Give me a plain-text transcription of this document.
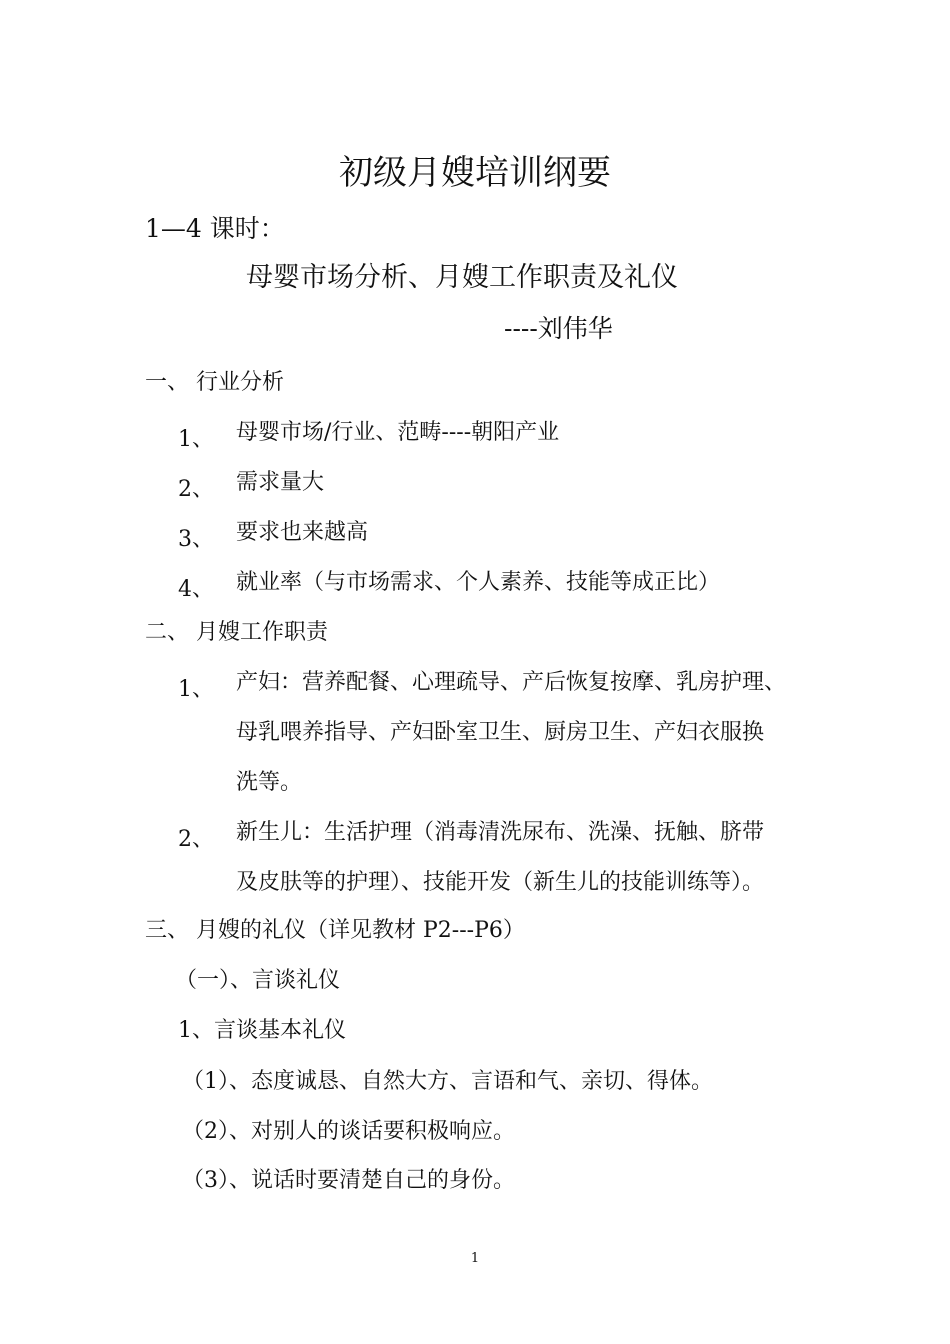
初级月嫂培训纲要
1—4 课时：
母婴市场分析、月嫂工作职责及礼仪
----刘伟华
一、 行业分析
1、 母婴市场/行业、范畴----朝阳产业
2、 需求量大
3、 要求也来越高
4、 就业率（与市场需求、个人素养、技能等成正比）
二、 月嫂工作职责
1、 产妇：营养配餐、心理疏导、产后恢复按摩、乳房护理、
母乳喂养指导、产妇卧室卫生、厨房卫生、产妇衣服换
洗等。
2、 新生儿：生活护理（消毒清洗尿布、洗澡、抚触、脐带
及皮肤等的护理）、技能开发（新生儿的技能训练等）。
三、 月嫂的礼仪（详见教材 P2---P6）
（一）、言谈礼仪
1、言谈基本礼仪
（1）、态度诚恳、自然大方、言语和气、亲切、得体。
（2）、对别人的谈话要积极响应。
（3）、说话时要清楚自己的身份。
1
